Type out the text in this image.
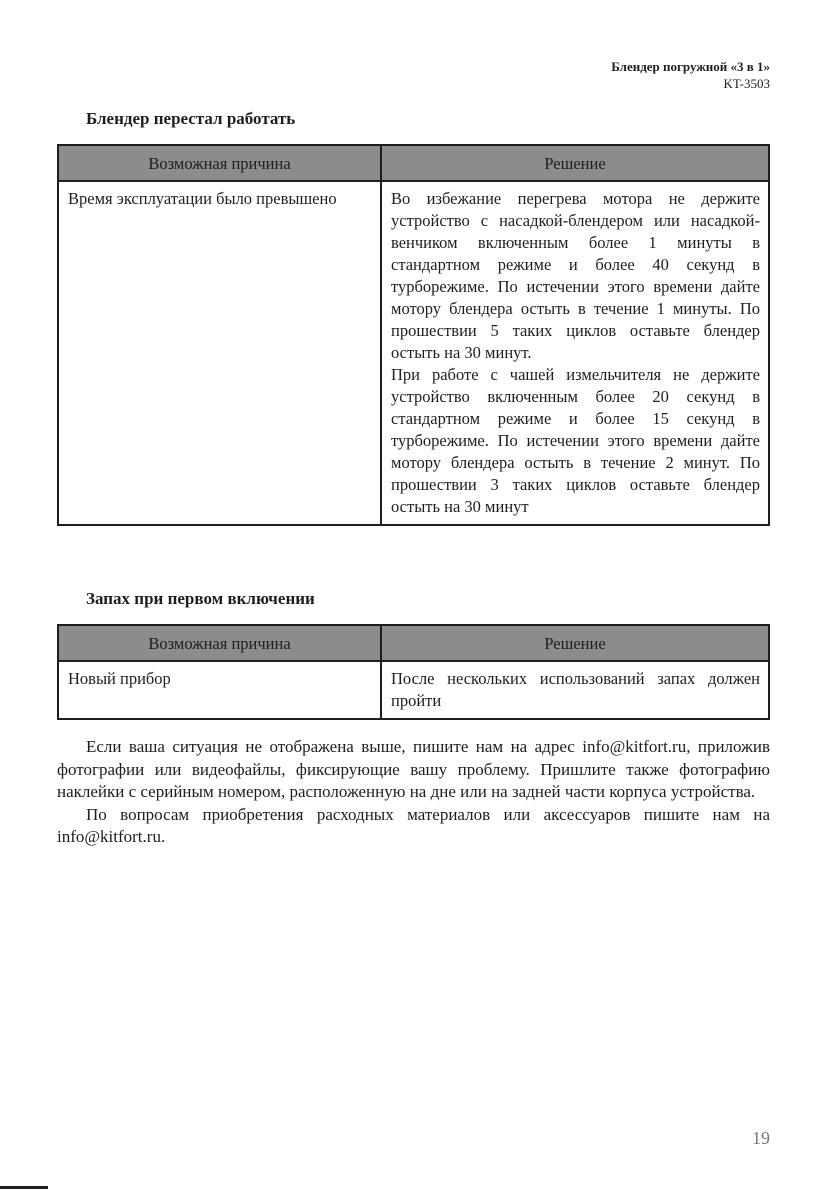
Блендер погружной «3 в 1»
KT-3503
Блендер перестал работать
Возможная причина	Решение
Время эксплуатации было превышено	Во избежание перегрева мотора не держите устройство с насадкой-блендером или насадкой-венчиком включенным более 1 минуты в стандартном режиме и более 40 секунд в турборежиме. По истечении этого времени дайте мотору блендера остыть в течение 1 минуты. По прошествии 5 таких циклов оставьте блендер остыть на 30 минут.

При работе с чашей измельчителя не держите устройство включенным более 20 секунд в стандартном режиме и более 15 секунд в турборежиме. По истечении этого времени дайте мотору блендера остыть в течение 2 минут. По прошествии 3 таких циклов оставьте блендер остыть на 30 минут

Запах при первом включении
Возможная причина	Решение
Новый прибор	После нескольких использований запах должен пройти

Если ваша ситуация не отображена выше, пишите нам на адрес info@kitfort.ru, приложив фотографии или видеофайлы, фиксирующие вашу проблему. Пришлите также фотографию наклейки с серийным номером, расположенную на дне или на задней части корпуса устройства.

По вопросам приобретения расходных материалов или аксессуаров пишите нам на info@kitfort.ru.

19
